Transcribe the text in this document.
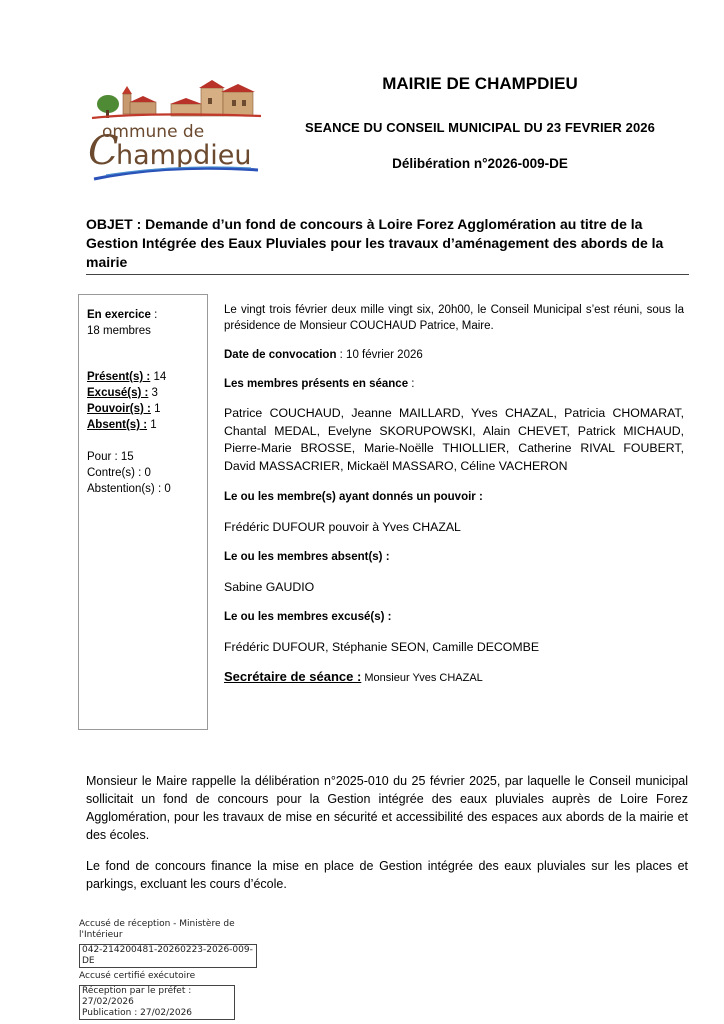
ommune de
C
hampdieu
MAIRIE DE CHAMPDIEU
SEANCE DU CONSEIL MUNICIPAL DU 23 FEVRIER 2026
Délibération n°2026-009-DE
OBJET : Demande d’un fond de concours à Loire Forez Agglomération au titre de la Gestion Intégrée des Eaux Pluviales pour les travaux d’aménagement des abords de la mairie
En exercice :
18 membres
Présent(s) : 14
Excusé(s) : 3
Pouvoir(s) : 1
Absent(s) : 1
Pour : 15
Contre(s) : 0
Abstention(s) : 0

Le vingt trois février deux mille vingt six, 20h00, le Conseil Municipal s’est réuni, sous la présidence de Monsieur COUCHAUD Patrice, Maire.

Date de convocation : 10 février 2026

Les membres présents en séance :

Patrice COUCHAUD, Jeanne MAILLARD, Yves CHAZAL, Patricia CHOMARAT, Chantal MEDAL, Evelyne SKORUPOWSKI, Alain CHEVET, Patrick MICHAUD, Pierre-Marie BROSSE, Marie-Noëlle THIOLLIER, Catherine RIVAL FOUBERT, David MASSACRIER, Mickaël MASSARO, Céline VACHERON

Le ou les membre(s) ayant donnés un pouvoir :

Frédéric DUFOUR pouvoir à Yves CHAZAL

Le ou les membres absent(s) :

Sabine GAUDIO

Le ou les membres excusé(s) :

Frédéric DUFOUR, Stéphanie SEON, Camille DECOMBE

Secrétaire de séance : Monsieur Yves CHAZAL

Monsieur le Maire rappelle la délibération n°2025-010 du 25 février 2025, par laquelle le Conseil municipal sollicitait un fond de concours pour la Gestion intégrée des eaux pluviales auprès de Loire Forez Agglomération, pour les travaux de mise en sécurité et accessibilité des espaces aux abords de la mairie et des écoles.
Le fond de concours finance la mise en place de Gestion intégrée des eaux pluviales sur les places et parkings, excluant les cours d’école.
Accusé de réception - Ministère de l'Intérieur
042-214200481-20260223-2026-009-DE
Accusé certifié exécutoire
Réception par le préfet : 27/02/2026
Publication : 27/02/2026
